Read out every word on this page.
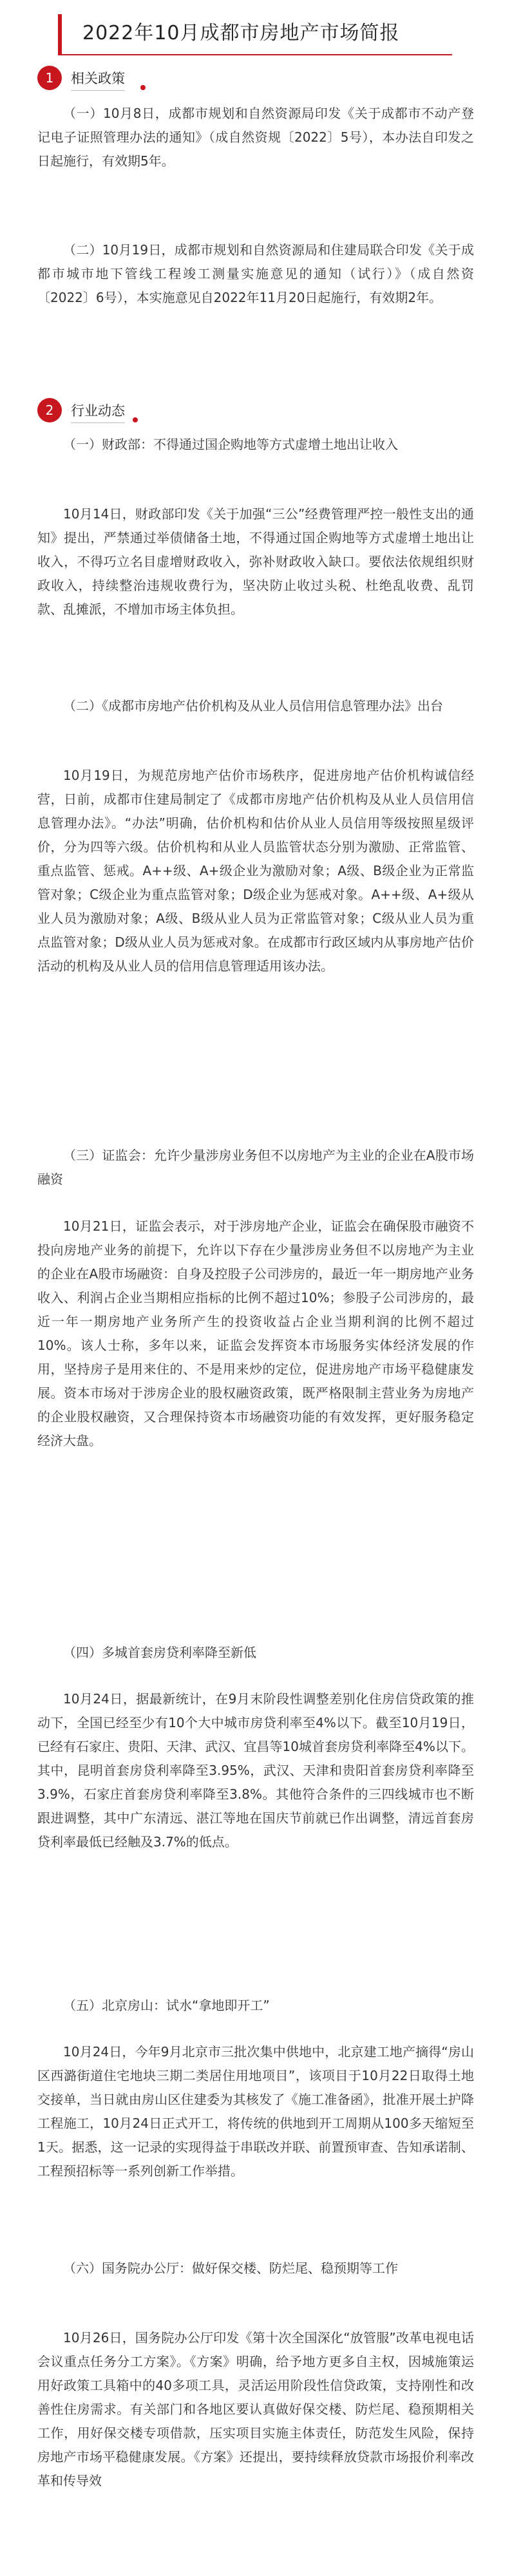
2022年10月成都市房地产市场简报
1	相关政策

（一）10月8日，成都市规划和自然资源局印发《关于成都市不动产登记电子证照管理办法的通知》（成自然资规〔2022〕5号），本办法自印发之日起施行，有效期5年。

（二）10月19日，成都市规划和自然资源局和住建局联合印发《关于成都市城市地下管线工程竣工测量实施意见的通知（试行）》（成自然资〔2022〕6号），本实施意见自2022年11月20日起施行，有效期2年。

2	行业动态

（一）财政部：不得通过国企购地等方式虚增土地出让收入

10月14日，财政部印发《关于加强“三公”经费管理严控一般性支出的通知》提出，严禁通过举债储备土地，不得通过国企购地等方式虚增土地出让收入，不得巧立名目虚增财政收入，弥补财政收入缺口。要依法依规组织财政收入，持续整治违规收费行为，坚决防止收过头税、杜绝乱收费、乱罚款、乱摊派，不增加市场主体负担。

（二）《成都市房地产估价机构及从业人员信用信息管理办法》出台

10月19日，为规范房地产估价市场秩序，促进房地产估价机构诚信经营，日前，成都市住建局制定了《成都市房地产估价机构及从业人员信用信息管理办法》。“办法”明确，估价机构和估价从业人员信用等级按照星级评价，分为四等六级。估价机构和从业人员监管状态分别为激励、正常监管、重点监管、惩戒。A++级、A+级企业为激励对象；A级、B级企业为正常监管对象；C级企业为重点监管对象；D级企业为惩戒对象。A++级、A+级从业人员为激励对象；A级、B级从业人员为正常监管对象；C级从业人员为重点监管对象；D级从业人员为惩戒对象。在成都市行政区域内从事房地产估价活动的机构及从业人员的信用信息管理适用该办法。

（三）证监会：允许少量涉房业务但不以房地产为主业的企业在A股市场融资

10月21日，证监会表示，对于涉房地产企业，证监会在确保股市融资不投向房地产业务的前提下，允许以下存在少量涉房业务但不以房地产为主业的企业在A股市场融资：自身及控股子公司涉房的，最近一年一期房地产业务收入、利润占企业当期相应指标的比例不超过10%；参股子公司涉房的，最近一年一期房地产业务所产生的投资收益占企业当期利润的比例不超过10%。该人士称，多年以来，证监会发挥资本市场服务实体经济发展的作用，坚持房子是用来住的、不是用来炒的定位，促进房地产市场平稳健康发展。资本市场对于涉房企业的股权融资政策，既严格限制主营业务为房地产的企业股权融资，又合理保持资本市场融资功能的有效发挥，更好服务稳定经济大盘。

（四）多城首套房贷利率降至新低

10月24日，据最新统计，在9月末阶段性调整差别化住房信贷政策的推动下，全国已经至少有10个大中城市房贷利率至4%以下。截至10月19日，已经有石家庄、贵阳、天津、武汉、宜昌等10城首套房贷利率降至4%以下。其中，昆明首套房贷利率降至3.95%，武汉、天津和贵阳首套房贷利率降至3.9%，石家庄首套房贷利率降至3.8%。其他符合条件的三四线城市也不断跟进调整，其中广东清远、湛江等地在国庆节前就已作出调整，清远首套房贷利率最低已经触及3.7%的低点。

（五）北京房山：试水“拿地即开工”

10月24日，今年9月北京市三批次集中供地中，北京建工地产摘得“房山区西潞街道住宅地块三期二类居住用地项目”，该项目于10月22日取得土地交接单，当日就由房山区住建委为其核发了《施工准备函》，批准开展土护降工程施工，10月24日正式开工，将传统的供地到开工周期从100多天缩短至1天。据悉，这一记录的实现得益于串联改并联、前置预审查、告知承诺制、工程预招标等一系列创新工作举措。

（六）国务院办公厅：做好保交楼、防烂尾、稳预期等工作

10月26日，国务院办公厅印发《第十次全国深化“放管服”改革电视电话会议重点任务分工方案》。《方案》明确，给予地方更多自主权，因城施策运用好政策工具箱中的40多项工具，灵活运用阶段性信贷政策，支持刚性和改善性住房需求。有关部门和各地区要认真做好保交楼、防烂尾、稳预期相关工作，用好保交楼专项借款，压实项目实施主体责任，防范发生风险，保持房地产市场平稳健康发展。《方案》还提出，要持续释放贷款市场报价利率改革和传导效
